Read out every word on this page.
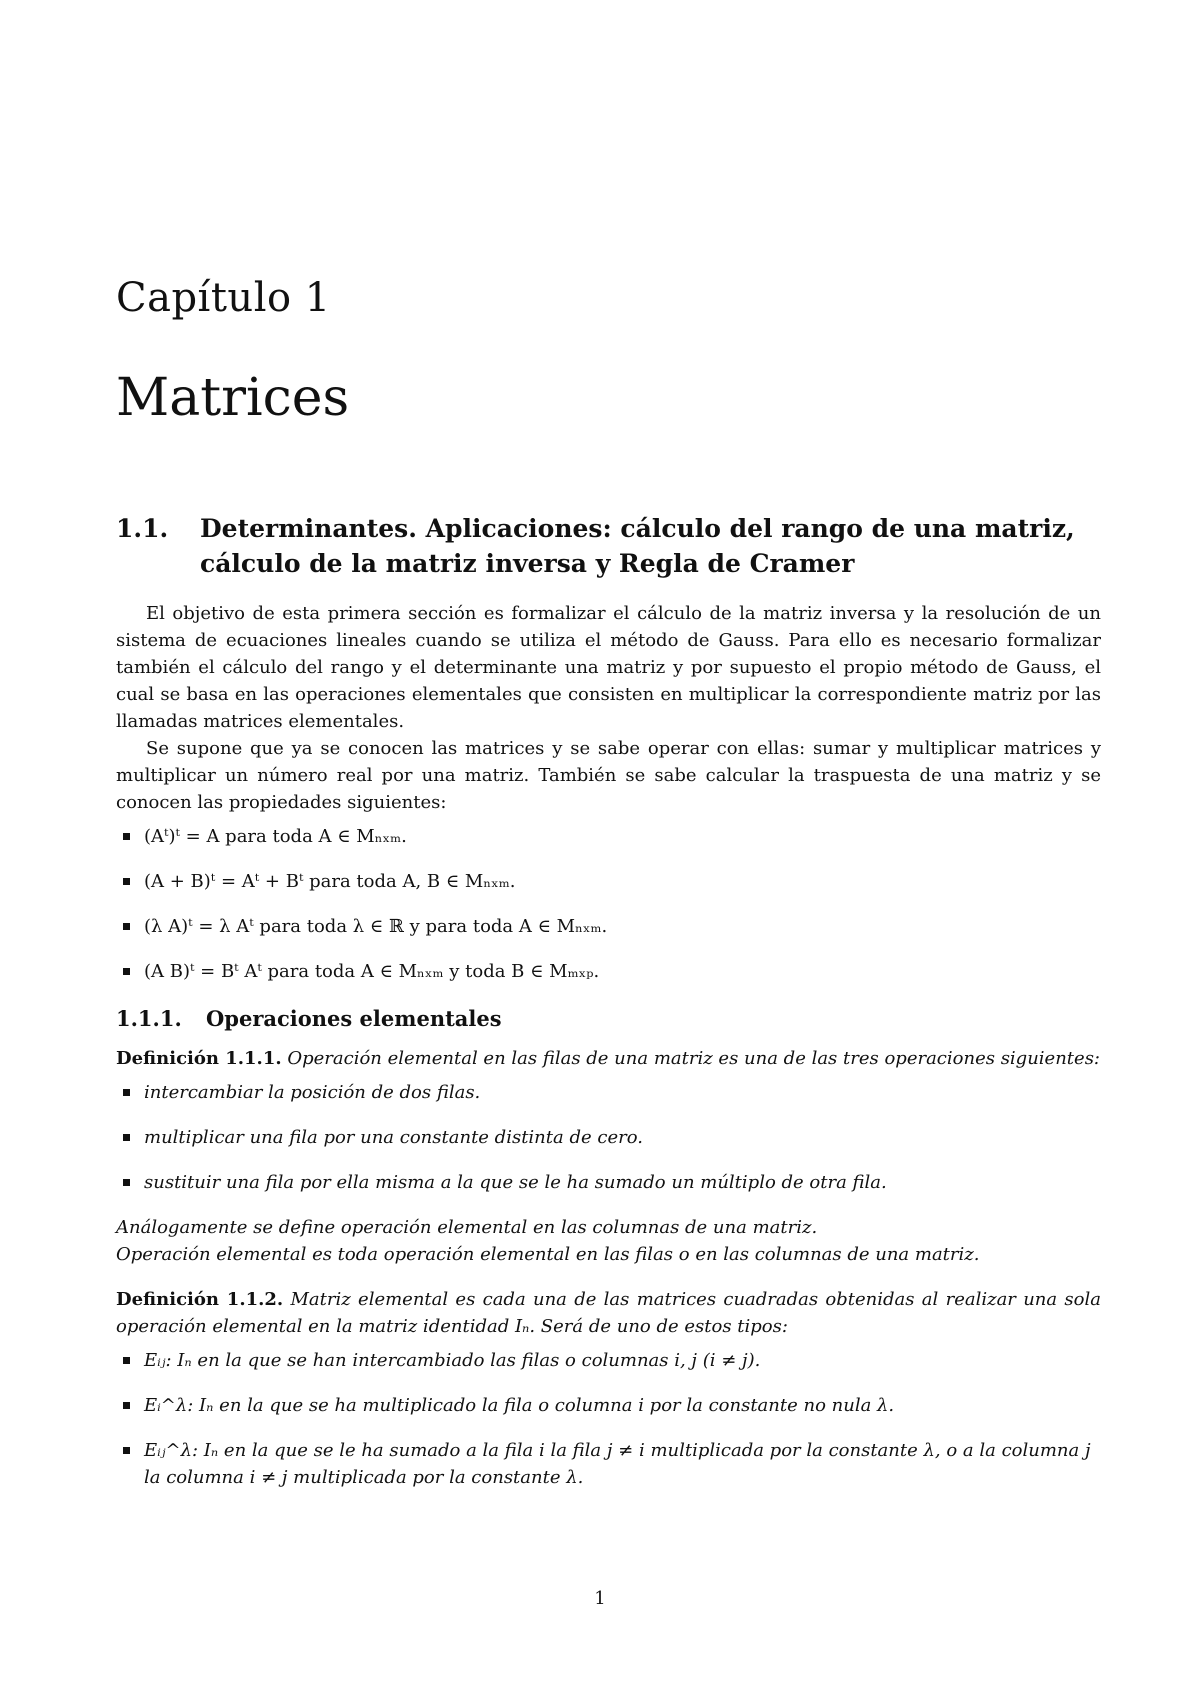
Capítulo 1
Matrices
1.1. Determinantes. Aplicaciones: cálculo del rango de una matriz, cálculo de la matriz inversa y Regla de Cramer

El objetivo de esta primera sección es formalizar el cálculo de la matriz inversa y la resolución de un sistema de ecuaciones lineales cuando se utiliza el método de Gauss. Para ello es necesario formalizar también el cálculo del rango y el determinante una matriz y por supuesto el propio método de Gauss, el cual se basa en las operaciones elementales que consisten en multiplicar la correspondiente matriz por las llamadas matrices elementales.

Se supone que ya se conocen las matrices y se sabe operar con ellas: sumar y multiplicar matrices y multiplicar un número real por una matriz. También se sabe calcular la traspuesta de una matriz y se conocen las propiedades siguientes:

(Aᵗ)ᵗ = A para toda A ∈ Mₙₓₘ.
(A + B)ᵗ = Aᵗ + Bᵗ para toda A, B ∈ Mₙₓₘ.
(λ A)ᵗ = λ Aᵗ para toda λ ∈ ℝ y para toda A ∈ Mₙₓₘ.
(A B)ᵗ = Bᵗ Aᵗ para toda A ∈ Mₙₓₘ y toda B ∈ Mₘₓₚ.
1.1.1. Operaciones elementales

Definición 1.1.1. Operación elemental en las filas de una matriz es una de las tres operaciones siguientes:

intercambiar la posición de dos filas.
multiplicar una fila por una constante distinta de cero.
sustituir una fila por ella misma a la que se le ha sumado un múltiplo de otra fila.

Análogamente se define operación elemental en las columnas de una matriz.

Operación elemental es toda operación elemental en las filas o en las columnas de una matriz.

Definición 1.1.2. Matriz elemental es cada una de las matrices cuadradas obtenidas al realizar una sola operación elemental en la matriz identidad Iₙ. Será de uno de estos tipos:

Eᵢⱼ: Iₙ en la que se han intercambiado las filas o columnas i, j (i ≠ j).
Eᵢ^λ: Iₙ en la que se ha multiplicado la fila o columna i por la constante no nula λ.
Eᵢⱼ^λ: Iₙ en la que se le ha sumado a la fila i la fila j ≠ i multiplicada por la constante λ, o a la columna j la columna i ≠ j multiplicada por la constante λ.
1
